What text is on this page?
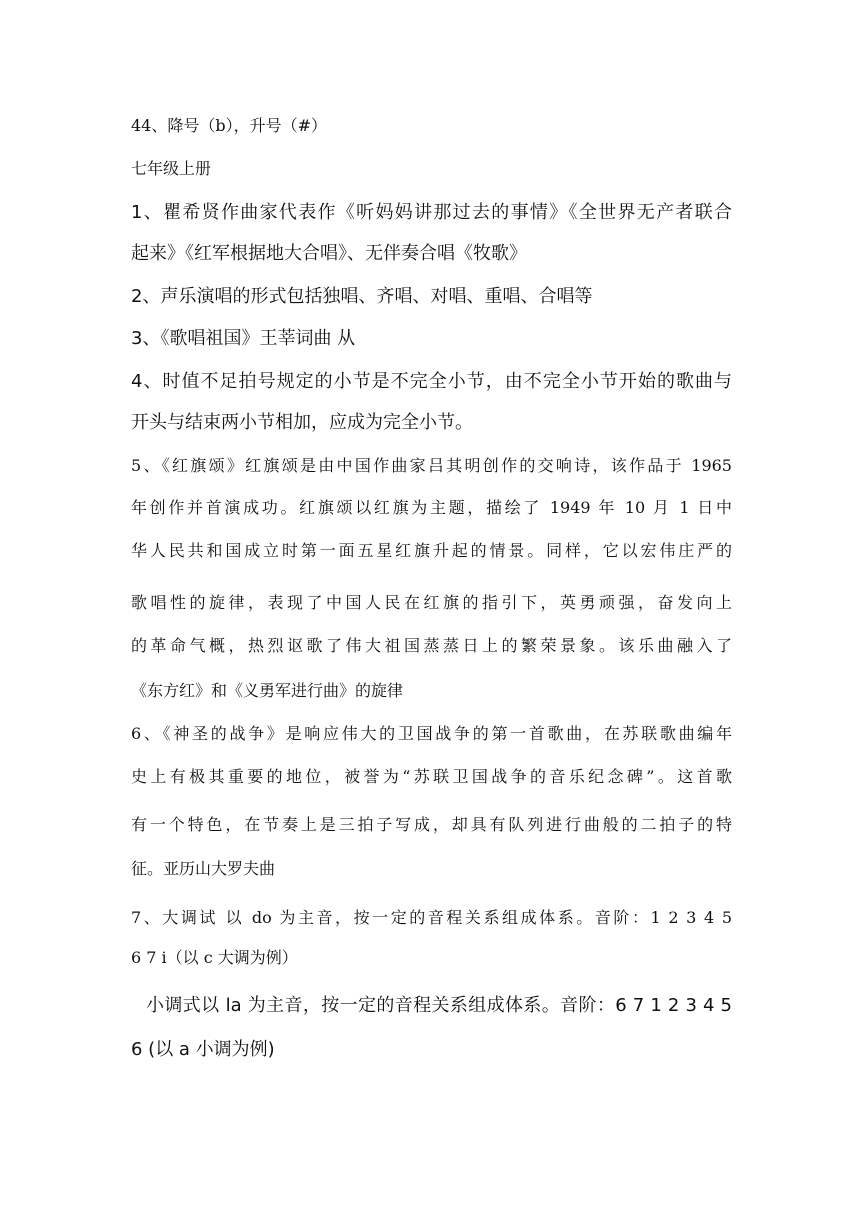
44、降号（b），升号（#）
七年级上册
1、瞿希贤作曲家代表作《听妈妈讲那过去的事情》《全世界无产者联合
起来》《红军根据地大合唱》、无伴奏合唱《牧歌》
2、声乐演唱的形式包括独唱、齐唱、对唱、重唱、合唱等
3、《歌唱祖国》王莘词曲 从
4、时值不足拍号规定的小节是不完全小节，由不完全小节开始的歌曲与
开头与结束两小节相加，应成为完全小节。
5、《红旗颂》红旗颂是由中国作曲家吕其明创作的交响诗，该作品于 1965
年创作并首演成功。红旗颂以红旗为主题，描绘了 1949 年 10 月 1 日中
华人民共和国成立时第一面五星红旗升起的情景。同样，它以宏伟庄严的
歌唱性的旋律，表现了中国人民在红旗的指引下，英勇顽强，奋发向上
的革命气概，热烈讴歌了伟大祖国蒸蒸日上的繁荣景象。该乐曲融入了
《东方红》和《义勇军进行曲》的旋律
6、《神圣的战争》是响应伟大的卫国战争的第一首歌曲，在苏联歌曲编年
史上有极其重要的地位，被誉为“苏联卫国战争的音乐纪念碑”。这首歌
有一个特色，在节奏上是三拍子写成，却具有队列进行曲般的二拍子的特
征。亚历山大罗夫曲
7、大调试 以 do 为主音，按一定的音程关系组成体系。音阶：1 2 3 4 5
6 7 i（以 c 大调为例）
小调式以 la 为主音，按一定的音程关系组成体系。音阶：6 7 1 2 3 4 5
6 (以 a 小调为例)
